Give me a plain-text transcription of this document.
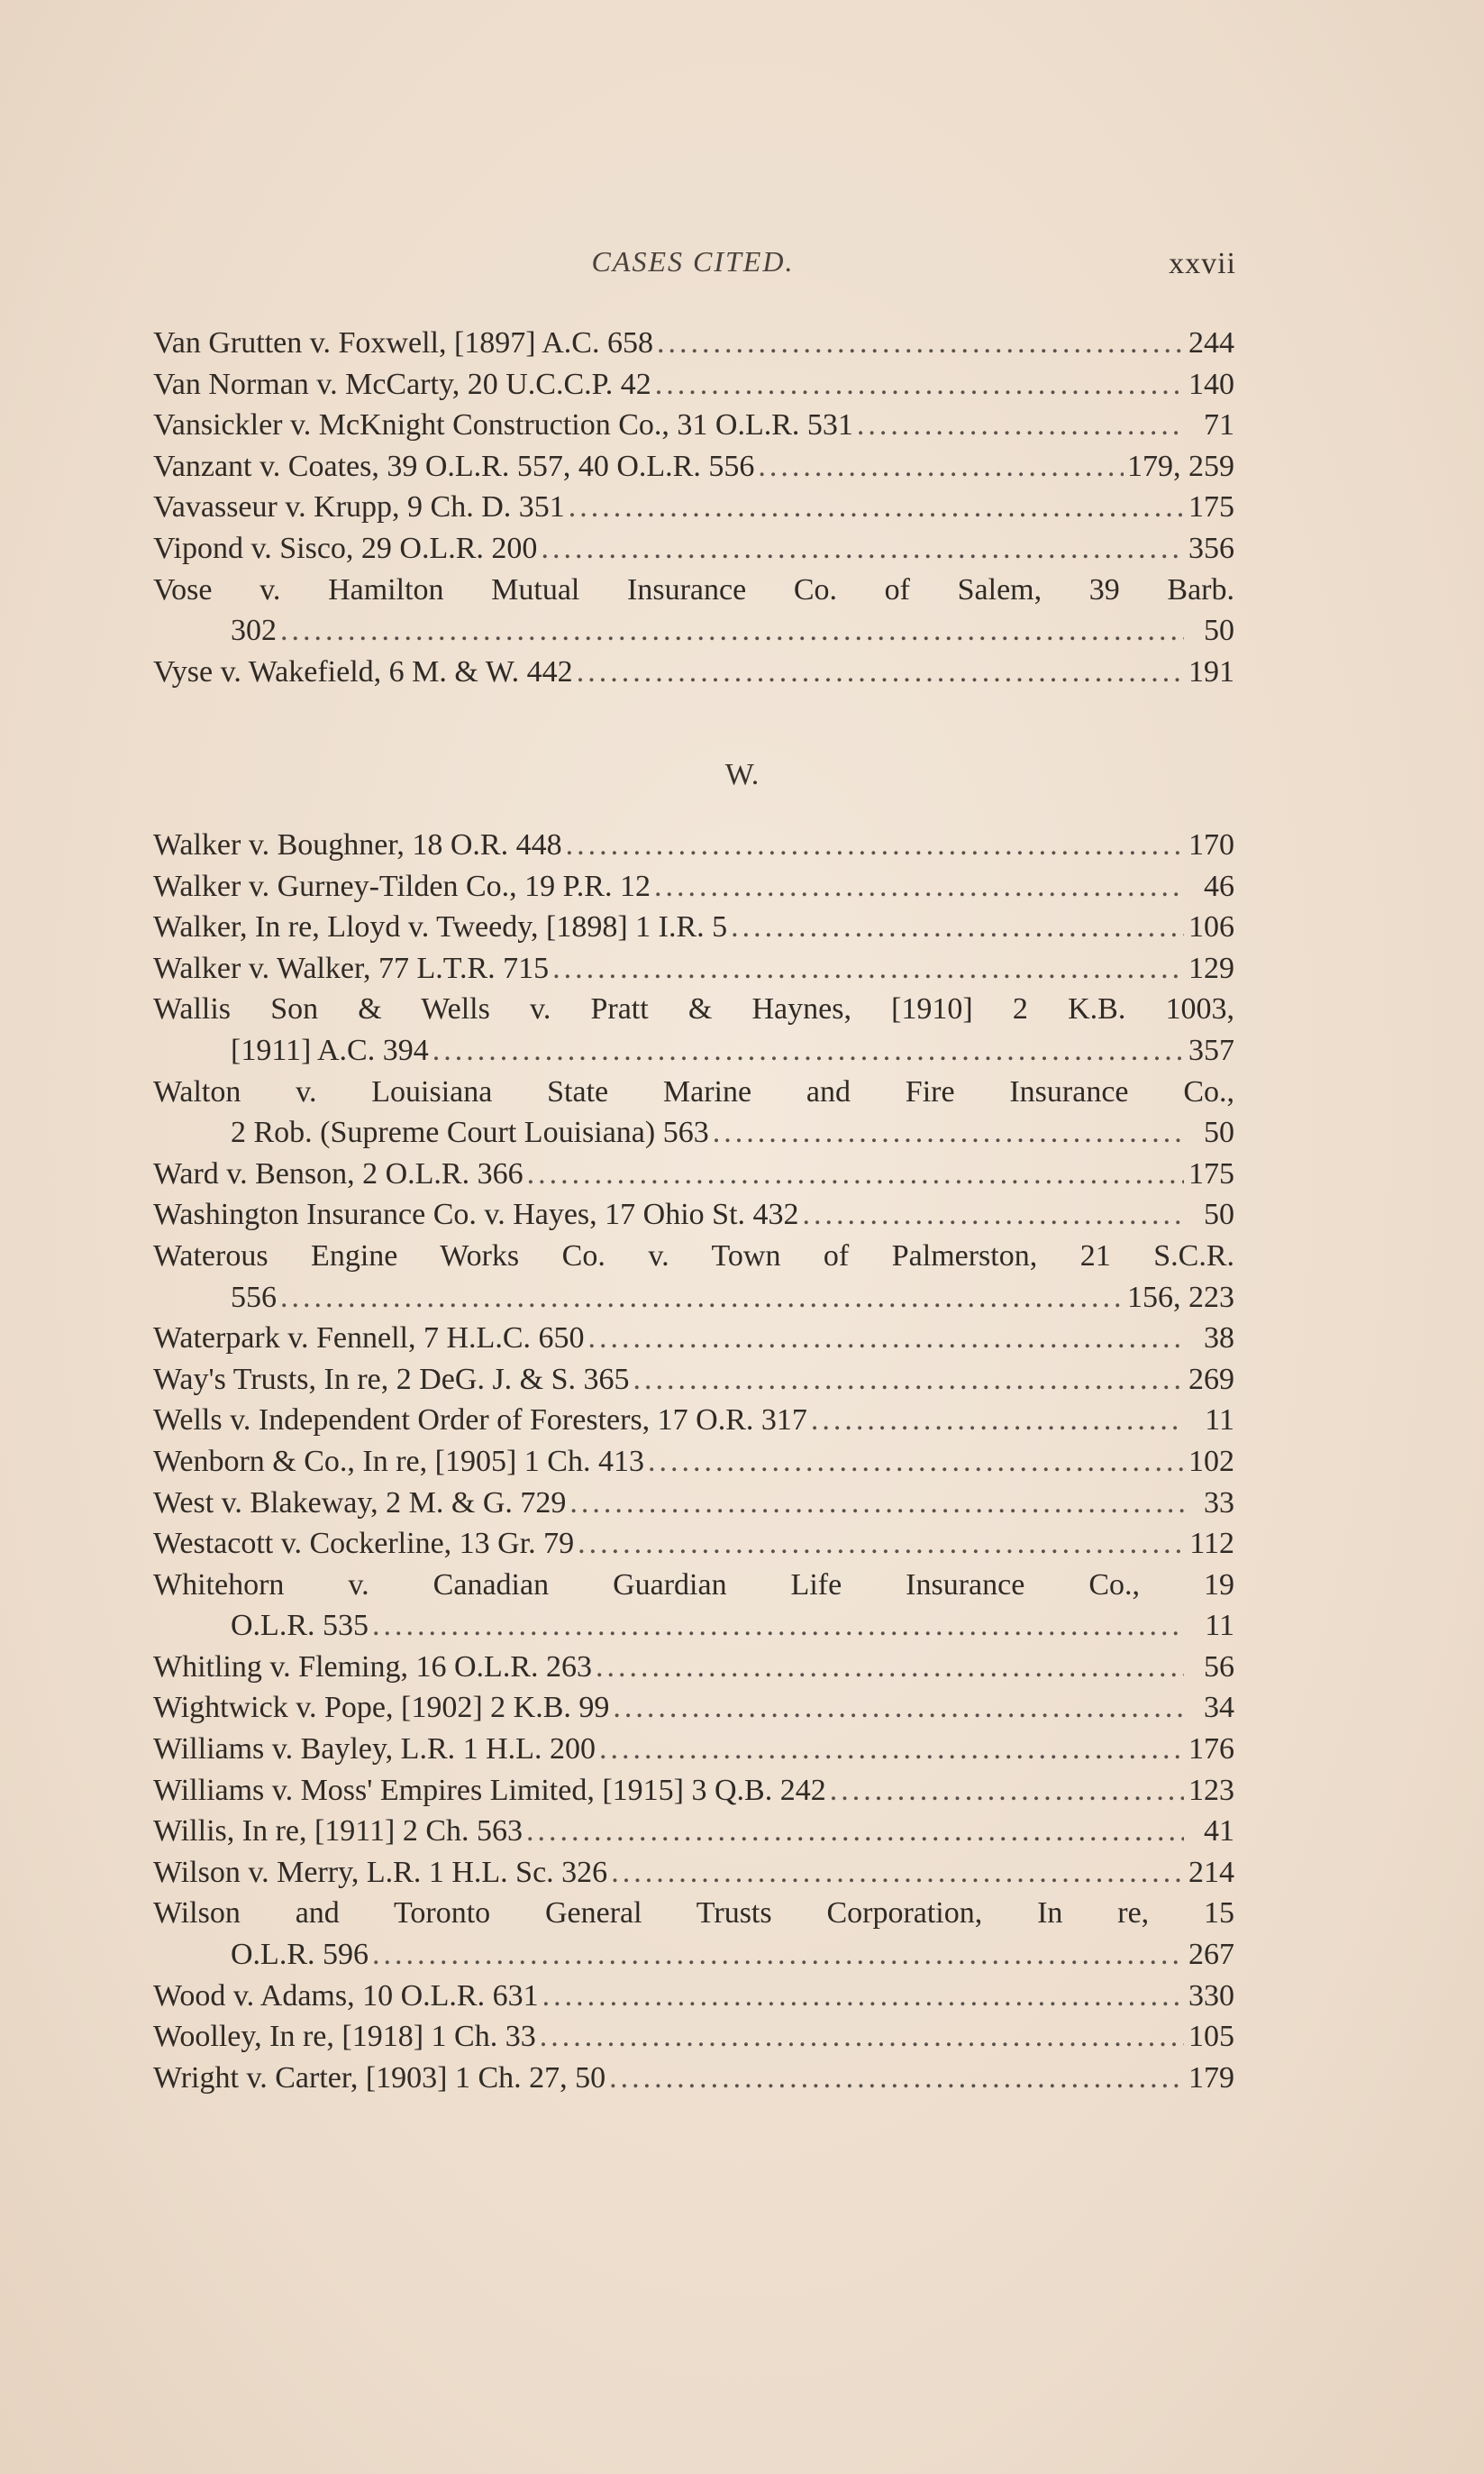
CASES CITED.	xxvii
Van Grutten v. Foxwell, [1897] A.C. 658 .....	244
Van Norman v. McCarty, 20 U.C.C.P. 42 .....	140
Vansickler v. McKnight Construction Co., 31 O.L.R. 531 .....	71
Vanzant v. Coates, 39 O.L.R. 557, 40 O.L.R. 556 .....	179, 259
Vavasseur v. Krupp, 9 Ch. D. 351 .....	175
Vipond v. Sisco, 29 O.L.R. 200 .....	356
Vose v. Hamilton Mutual Insurance Co. of Salem, 39 Barb.
302 .....	50
Vyse v. Wakefield, 6 M. & W. 442 .....	191
W.
Walker v. Boughner, 18 O.R. 448 .....	170
Walker v. Gurney-Tilden Co., 19 P.R. 12 .....	46
Walker, In re, Lloyd v. Tweedy, [1898] 1 I.R. 5 .....	106
Walker v. Walker, 77 L.T.R. 715 .....	129
Wallis Son & Wells v. Pratt & Haynes, [1910] 2 K.B. 1003,
[1911] A.C. 394 .....	357
Walton v. Louisiana State Marine and Fire Insurance Co.,
2 Rob. (Supreme Court Louisiana) 563 .....	50
Ward v. Benson, 2 O.L.R. 366 .....	175
Washington Insurance Co. v. Hayes, 17 Ohio St. 432 .....	50
Waterous Engine Works Co. v. Town of Palmerston, 21 S.C.R.
556 .....	156, 223
Waterpark v. Fennell, 7 H.L.C. 650 .....	38
Way's Trusts, In re, 2 DeG. J. & S. 365 .....	269
Wells v. Independent Order of Foresters, 17 O.R. 317 .....	11
Wenborn & Co., In re, [1905] 1 Ch. 413 .....	102
West v. Blakeway, 2 M. & G. 729 .....	33
Westacott v. Cockerline, 13 Gr. 79 .....	112
Whitehorn v. Canadian Guardian Life Insurance Co., 19
O.L.R. 535 .....	11
Whitling v. Fleming, 16 O.L.R. 263 .....	56
Wightwick v. Pope, [1902] 2 K.B. 99 .....	34
Williams v. Bayley, L.R. 1 H.L. 200 .....	176
Williams v. Moss' Empires Limited, [1915] 3 Q.B. 242 .....	123
Willis, In re, [1911] 2 Ch. 563 .....	41
Wilson v. Merry, L.R. 1 H.L. Sc. 326 .....	214
Wilson and Toronto General Trusts Corporation, In re, 15
O.L.R. 596 .....	267
Wood v. Adams, 10 O.L.R. 631 .....	330
Woolley, In re, [1918] 1 Ch. 33 .....	105
Wright v. Carter, [1903] 1 Ch. 27, 50 .....	179
